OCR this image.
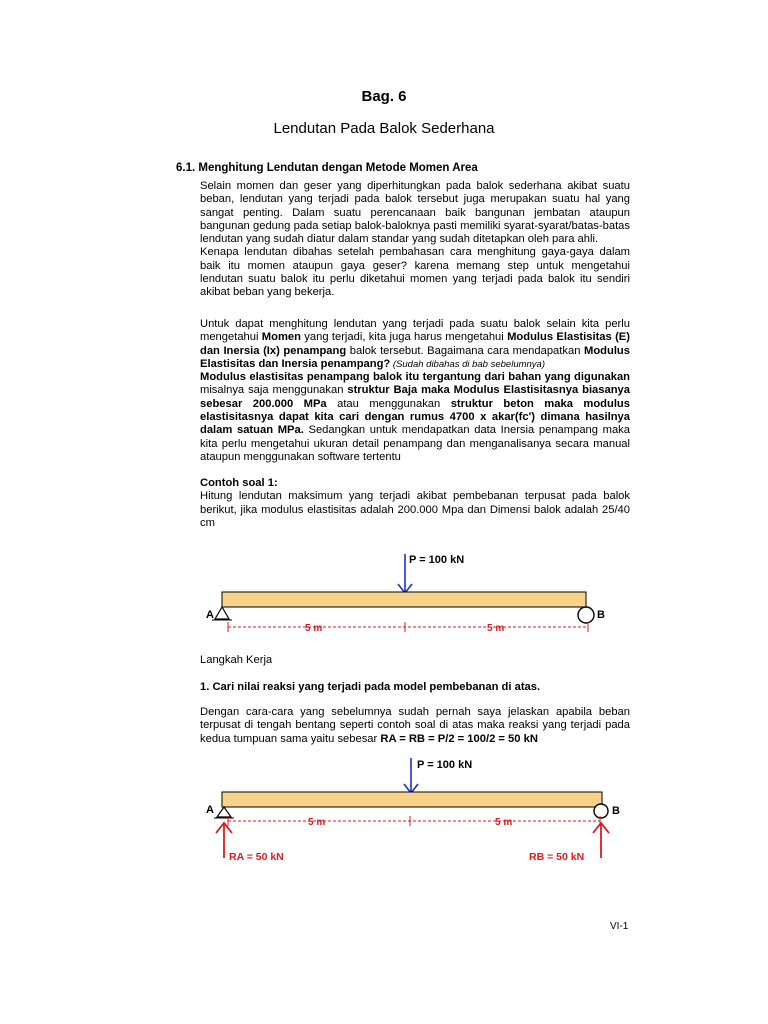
Bag. 6
Lendutan Pada Balok Sederhana
6.1. Menghitung Lendutan dengan Metode Momen Area
Selain momen dan geser yang diperhitungkan pada balok sederhana akibat suatu beban, lendutan yang terjadi pada balok tersebut juga merupakan suatu hal yang sangat penting. Dalam suatu perencanaan baik bangunan jembatan ataupun bangunan gedung pada setiap balok-baloknya pasti memiliki syarat-syarat/batas-batas lendutan yang sudah diatur dalam standar yang sudah ditetapkan oleh para ahli.
Kenapa lendutan dibahas setelah pembahasan cara menghitung gaya-gaya dalam baik itu momen ataupun gaya geser? karena memang step untuk mengetahui lendutan suatu balok itu perlu diketahui momen yang terjadi pada balok itu sendiri akibat beban yang bekerja.
Untuk dapat menghitung lendutan yang terjadi pada suatu balok selain kita perlu mengetahui Momen yang terjadi, kita juga harus mengetahui Modulus Elastisitas (E) dan Inersia (Ix) penampang balok tersebut. Bagaimana cara mendapatkan Modulus Elastisitas dan Inersia penampang? (Sudah dibahas di bab sebelumnya)
Modulus elastisitas penampang balok itu tergantung dari bahan yang digunakan misalnya saja menggunakan struktur Baja maka Modulus Elastisitasnya biasanya sebesar 200.000 MPa atau menggunakan struktur beton maka modulus elastisitasnya dapat kita cari dengan rumus 4700 x akar(fc') dimana hasilnya dalam satuan MPa. Sedangkan untuk mendapatkan data Inersia penampang maka kita perlu mengetahui ukuran detail penampang dan menganalisanya secara manual ataupun menggunakan software tertentu
Contoh soal 1:
Hitung lendutan maksimum yang terjadi akibat pembebanan terpusat pada balok berikut, jika modulus elastisitas adalah 200.000 Mpa dan Dimensi balok adalah 25/40 cm
P = 100 kN
A	B
5 m	5 m
Langkah Kerja
1. Cari nilai reaksi yang terjadi pada model pembebanan di atas.
Dengan cara-cara yang sebelumnya sudah pernah saya jelaskan apabila beban terpusat di tengah bentang seperti contoh soal di atas maka reaksi yang terjadi pada kedua tumpuan sama yaitu sebesar RA = RB = P/2 = 100/2 = 50 kN
P = 100 kN
A	B
5 m	5 m
RA = 50 kN	RB = 50 kN
VI-1
